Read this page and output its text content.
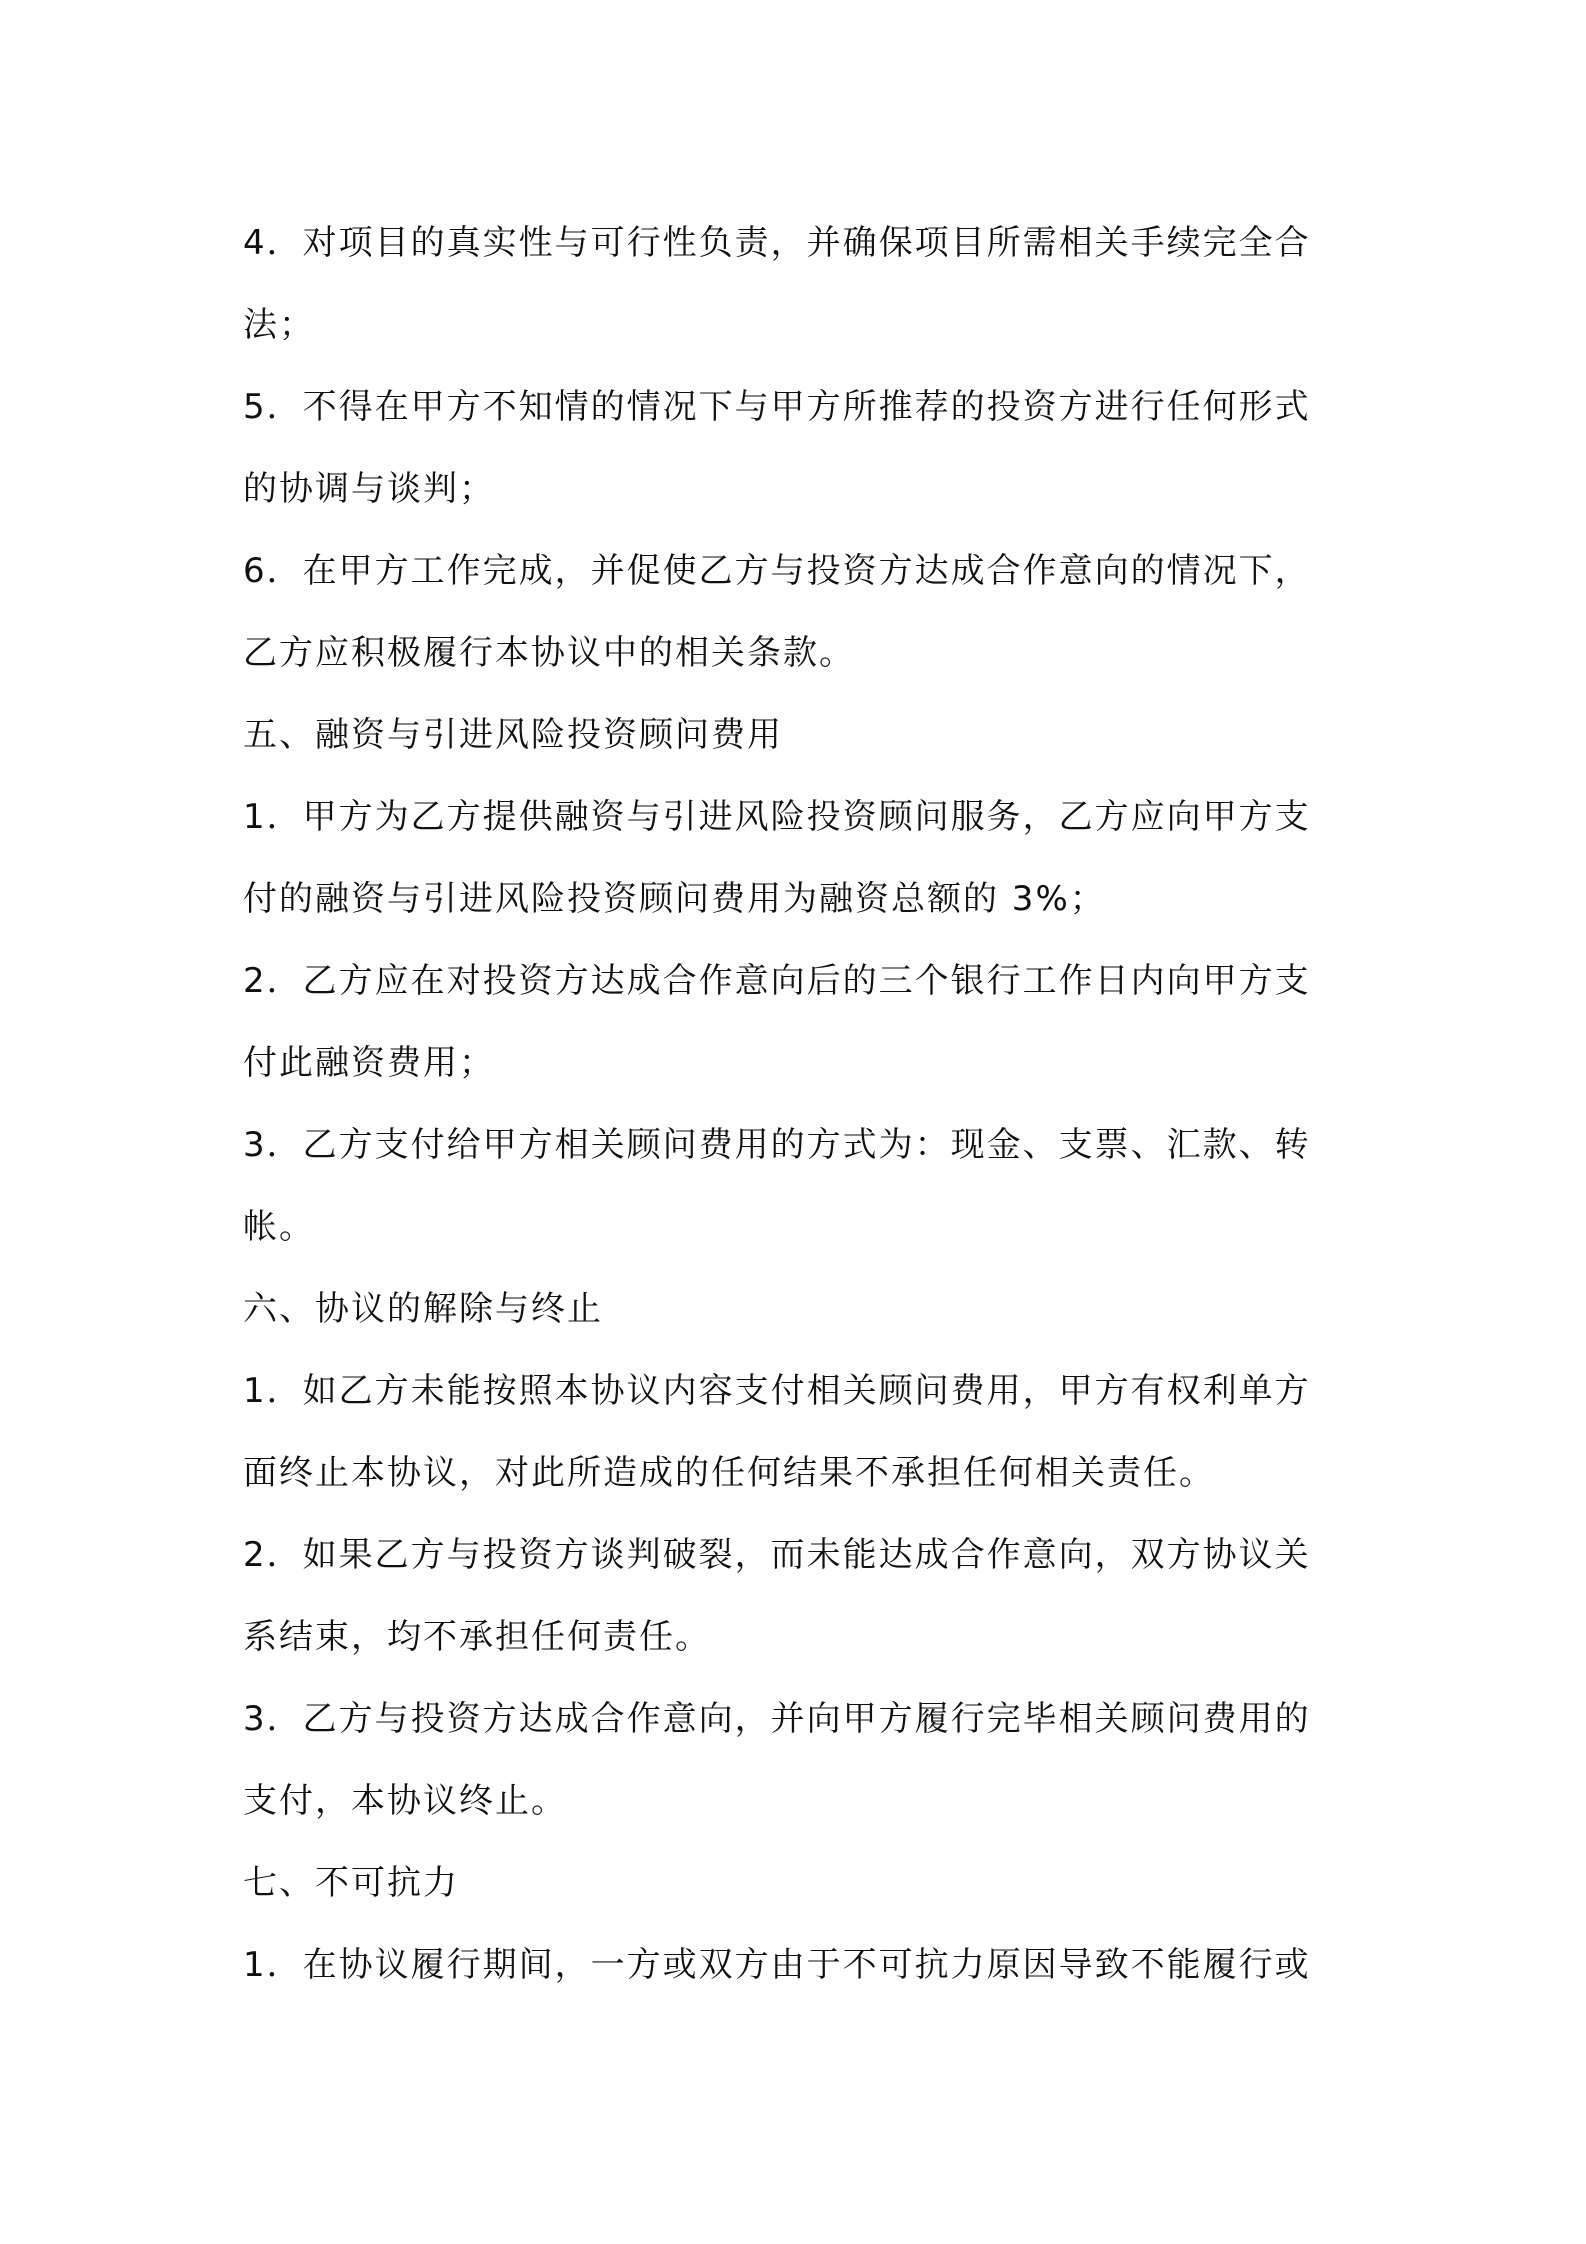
4．对项目的真实性与可行性负责，并确保项目所需相关手续完全合
法；
5．不得在甲方不知情的情况下与甲方所推荐的投资方进行任何形式
的协调与谈判；
6．在甲方工作完成，并促使乙方与投资方达成合作意向的情况下，
乙方应积极履行本协议中的相关条款。
五、融资与引进风险投资顾问费用
1．甲方为乙方提供融资与引进风险投资顾问服务，乙方应向甲方支
付的融资与引进风险投资顾问费用为融资总额的 3%；
2．乙方应在对投资方达成合作意向后的三个银行工作日内向甲方支
付此融资费用；
3．乙方支付给甲方相关顾问费用的方式为：现金、支票、汇款、转
帐。
六、协议的解除与终止
1．如乙方未能按照本协议内容支付相关顾问费用，甲方有权利单方
面终止本协议，对此所造成的任何结果不承担任何相关责任。
2．如果乙方与投资方谈判破裂，而未能达成合作意向，双方协议关
系结束，均不承担任何责任。
3．乙方与投资方达成合作意向，并向甲方履行完毕相关顾问费用的
支付，本协议终止。
七、不可抗力
1．在协议履行期间，一方或双方由于不可抗力原因导致不能履行或
